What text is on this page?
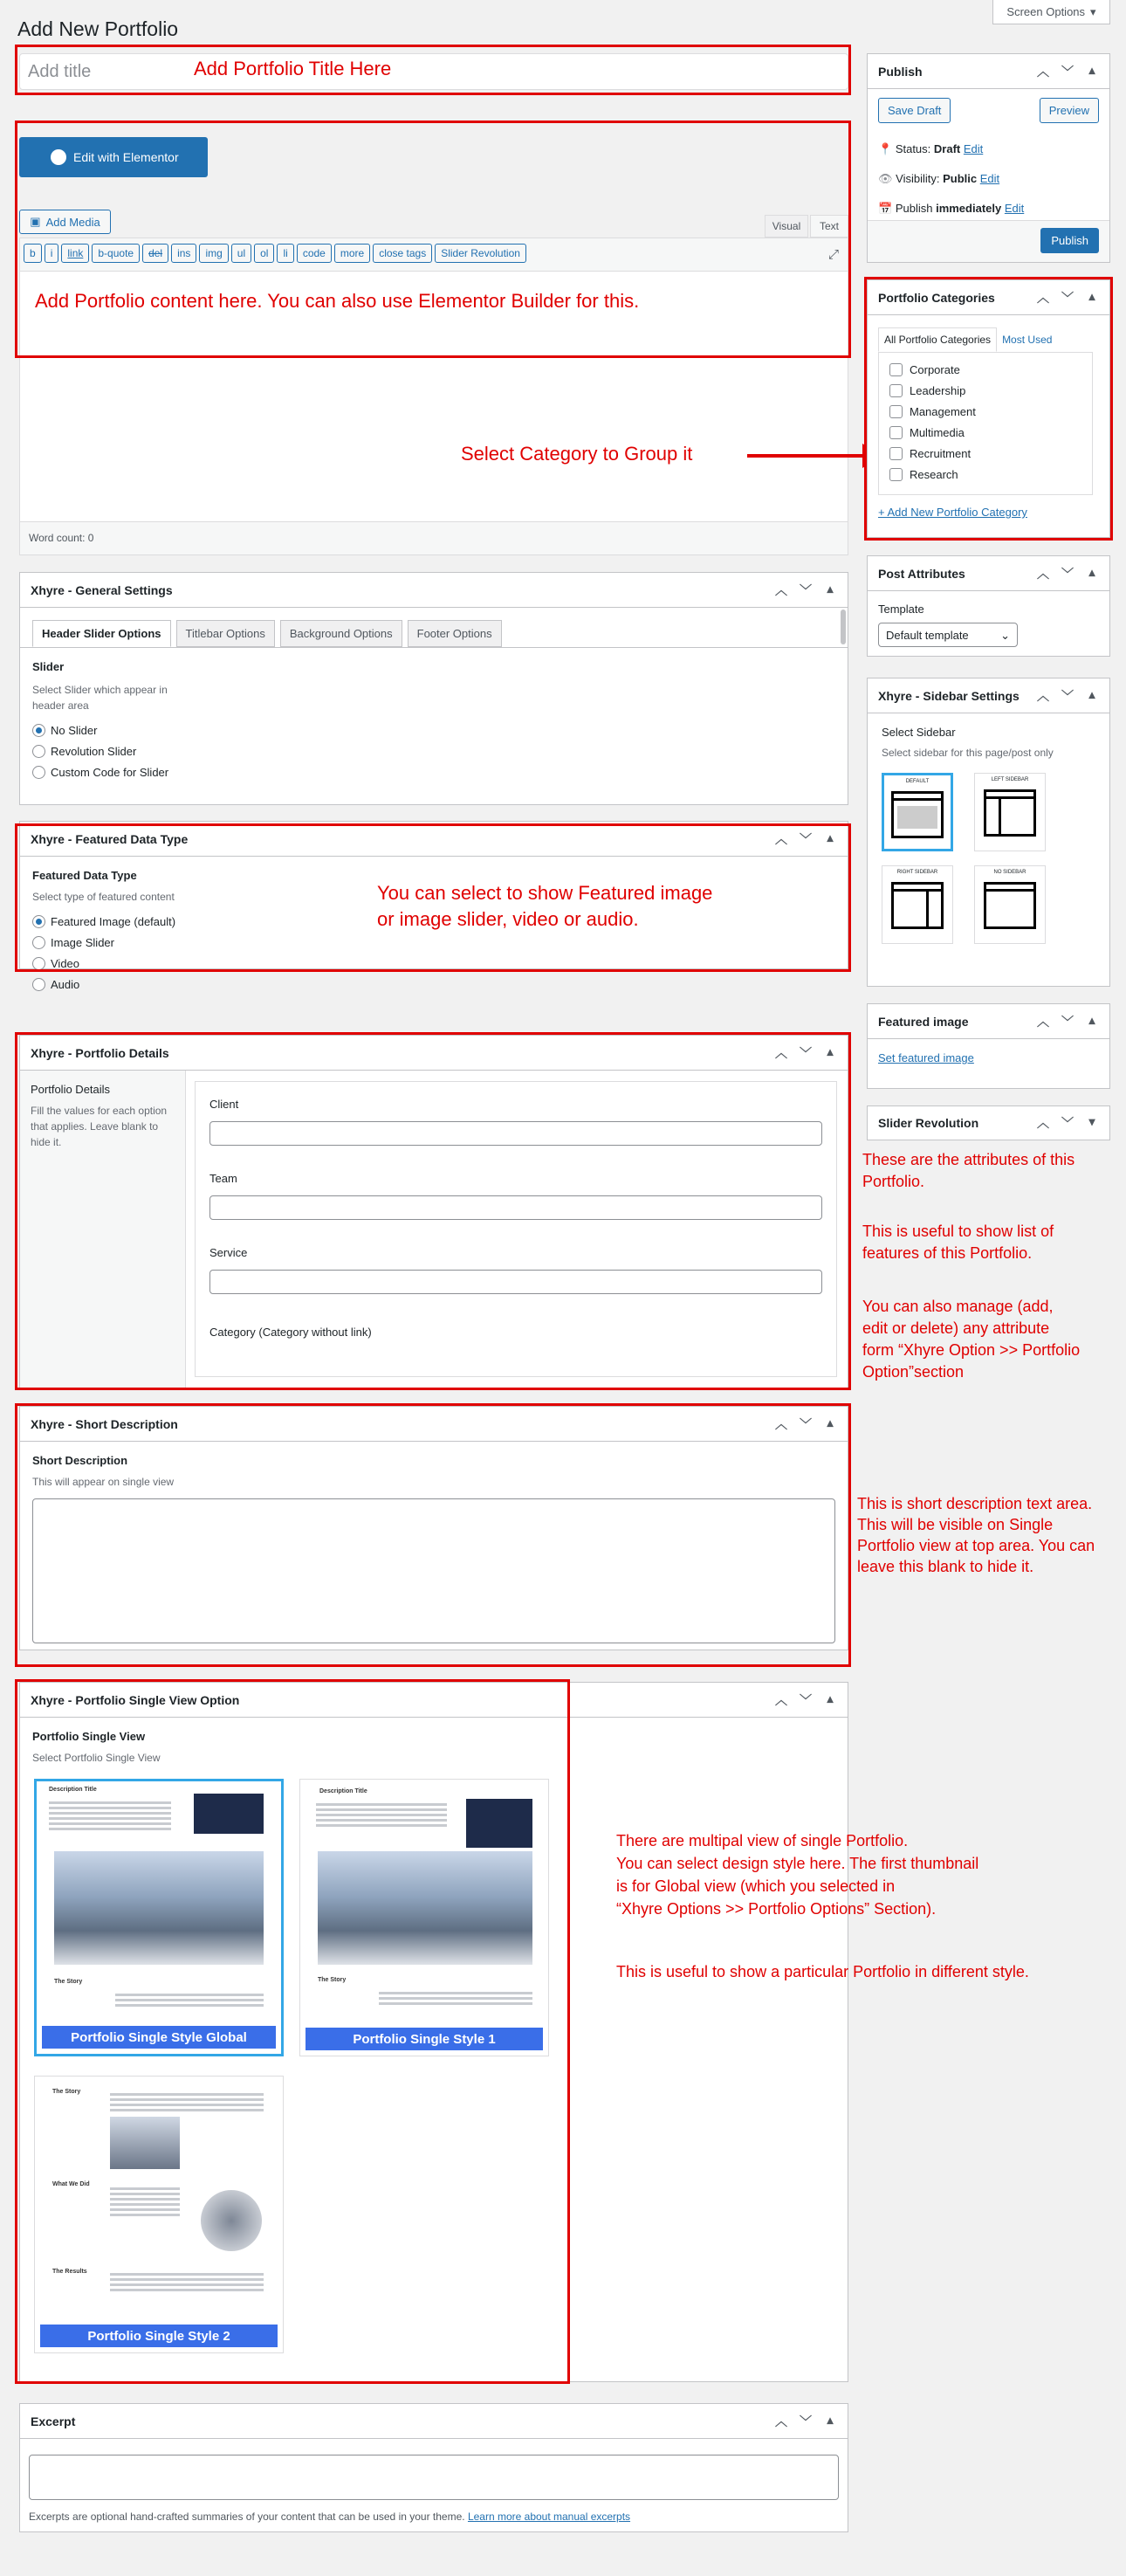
Add New Portfolio
Screen Options ▾
Add title	Add Portfolio Title Here
Edit with Elementor
▣ Add Media	Visual	Text
b i link b-quote del ins img ul ol li code more close tags Slider Revolution	⤢
Word count: 0
Add Portfolio content here. You can also use Elementor Builder for this.
Select Category to Group it
Xhyre - General Settings	︿ ﹀	▴
Header Slider Options Titlebar Options Background Options Footer Options
Slider
Select Slider which appear in header area
No Slider
Revolution Slider
Custom Code for Slider
Xhyre - Featured Data Type	︿ ﹀	▴
Featured Data Type
Select type of featured content
Featured Image (default)
Image Slider
Video
Audio
You can select to show Featured image
or image slider, video or audio.
Xhyre - Portfolio Details	︿ ﹀	▴
Portfolio Details
Fill the values for each option that applies. Leave blank to hide it.
Client
Team
Service
Category (Category without link)
Xhyre - Short Description	︿ ﹀	▴
Short Description
This will appear on single view
Xhyre - Portfolio Single View Option	︿ ﹀	▴
Portfolio Single View
Select Portfolio Single View
Description Title
The Story
Portfolio Single Style Global
Description Title
The Story
Portfolio Single Style 1
The Story
What We Did
The Results
Portfolio Single Style 2
There are multipal view of single Portfolio.
You can select design style here. The first thumbnail
is for Global view (which you selected in
“Xhyre Options >> Portfolio Options” Section).
This is useful to show a particular Portfolio in different style.
Excerpt	︿ ﹀	▴
Excerpts are optional hand-crafted summaries of your content that can be used in your theme. Learn more about manual excerpts
Publish	︿ ﹀	▴
Save Draft	Preview
📍 Status: Draft Edit
👁 Visibility: Public Edit
📅 Publish immediately Edit
Publish
Portfolio Categories	︿ ﹀	▴
All Portfolio Categories Most Used
Corporate
Leadership
Management
Multimedia
Recruitment
Research
+ Add New Portfolio Category
Post Attributes	︿ ﹀	▴
Template
Default template	⌄
Xhyre - Sidebar Settings	︿ ﹀	▴
Select Sidebar
Select sidebar for this page/post only
DEFAULT	LEFT SIDEBAR
RIGHT SIDEBAR	NO SIDEBAR
Featured image	︿ ﹀	▴
Set featured image
Slider Revolution	︿ ﹀	▾
These are the attributes of this
Portfolio.
This is useful to show list of
features of this Portfolio.
You can also manage (add,
edit or delete) any attribute
form “Xhyre Option >> Portfolio
Option”section
This is short description text area.
This will be visible on Single
Portfolio view at top area. You can
leave this blank to hide it.
